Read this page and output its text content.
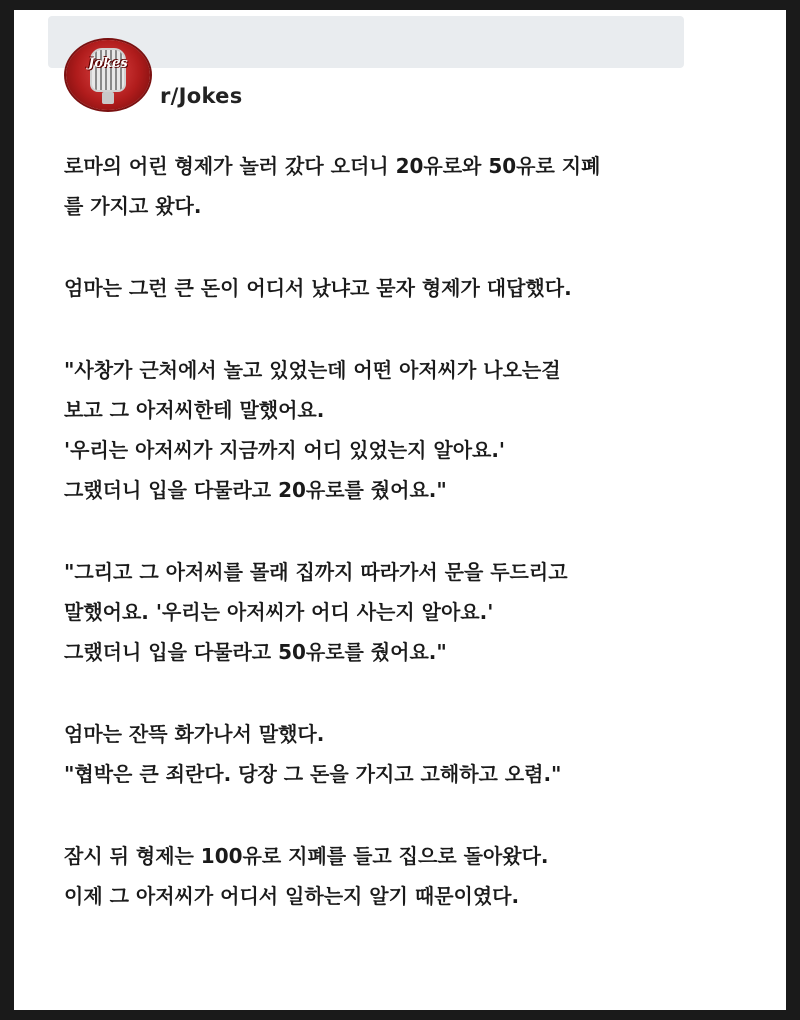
Jokes
r/Jokes
로마의 어린 형제가 놀러 갔다 오더니 20유로와 50유로 지폐
를 가지고 왔다.
엄마는 그런 큰 돈이 어디서 났냐고 묻자 형제가 대답했다.
"사창가 근처에서 놀고 있었는데 어떤 아저씨가 나오는걸
보고 그 아저씨한테 말했어요.
'우리는 아저씨가 지금까지 어디 있었는지 알아요.'
그랬더니 입을 다물라고 20유로를 줬어요."
"그리고 그 아저씨를 몰래 집까지 따라가서 문을 두드리고
말했어요. '우리는 아저씨가 어디 사는지 알아요.'
그랬더니 입을 다물라고 50유로를 줬어요."
엄마는 잔뜩 화가나서 말했다.
"협박은 큰 죄란다. 당장 그 돈을 가지고 고해하고 오렴."
잠시 뒤 형제는 100유로 지폐를 들고 집으로 돌아왔다.
이제 그 아저씨가 어디서 일하는지 알기 때문이였다.
